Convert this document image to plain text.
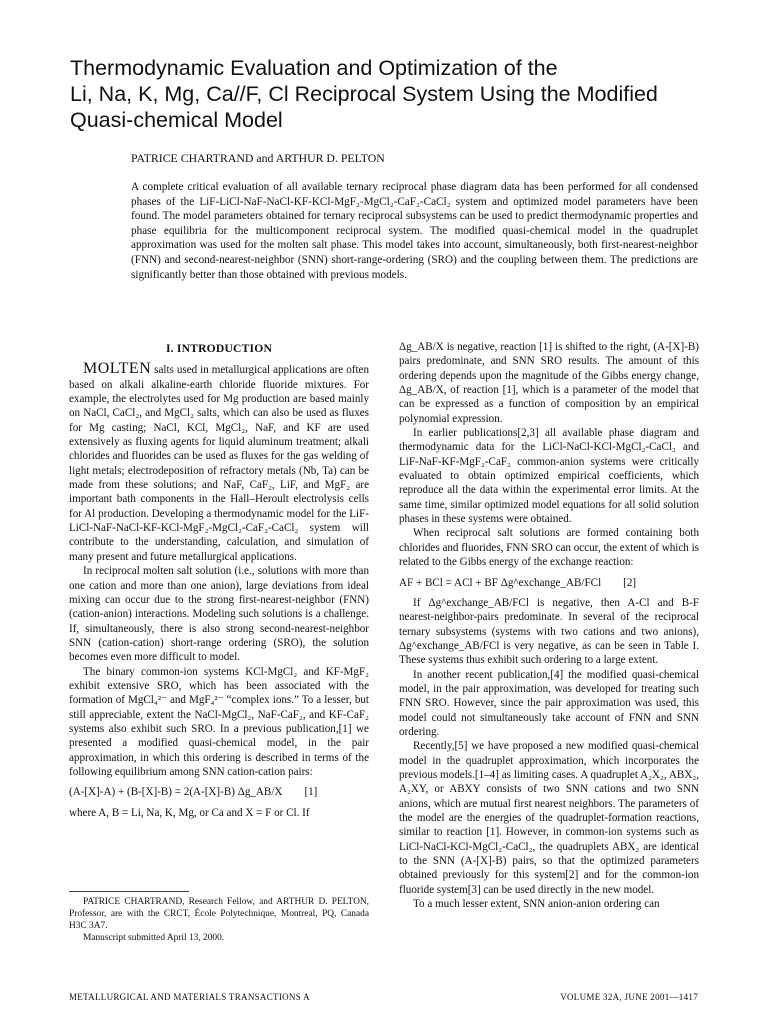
Thermodynamic Evaluation and Optimization of the
Li, Na, K, Mg, Ca//F, Cl Reciprocal System Using the Modified
Quasi-chemical Model
PATRICE CHARTRAND and ARTHUR D. PELTON

A complete critical evaluation of all available ternary reciprocal phase diagram data has been performed for all condensed phases of the LiF-LiCl-NaF-NaCl-KF-KCl-MgF₂-MgCl₂-CaF₂-CaCl₂ system and optimized model parameters have been found. The model parameters obtained for ternary reciprocal subsystems can be used to predict thermodynamic properties and phase equilibria for the multicomponent reciprocal system. The modified quasi-chemical model in the quadruplet approximation was used for the molten salt phase. This model takes into account, simultaneously, both first-nearest-neighbor (FNN) and second-nearest-neighbor (SNN) short-range-ordering (SRO) and the coupling between them. The predictions are significantly better than those obtained with previous models.

I. INTRODUCTION

MOLTEN salts used in metallurgical applications are often based on alkali alkaline-earth chloride fluoride mixtures. For example, the electrolytes used for Mg production are based mainly on NaCl, CaCl₂, and MgCl₂ salts, which can also be used as fluxes for Mg casting; NaCl, KCl, MgCl₂, NaF, and KF are used extensively as fluxing agents for liquid aluminum treatment; alkali chlorides and fluorides can be used as fluxes for the gas welding of light metals; electrodeposition of refractory metals (Nb, Ta) can be made from these solutions; and NaF, CaF₂, LiF, and MgF₂ are important bath components in the Hall–Heroult electrolysis cells for Al production. Developing a thermodynamic model for the LiF-LiCl-NaF-NaCl-KF-KCl-MgF₂-MgCl₂-CaF₂-CaCl₂ system will contribute to the understanding, calculation, and simulation of many present and future metallurgical applications.

In reciprocal molten salt solution (i.e., solutions with more than one cation and more than one anion), large deviations from ideal mixing can occur due to the strong first-nearest-neighbor (FNN) (cation-anion) interactions. Modeling such solutions is a challenge. If, simultaneously, there is also strong second-nearest-neighbor SNN (cation-cation) short-range ordering (SRO), the solution becomes even more difficult to model.

The binary common-ion systems KCl-MgCl₂ and KF-MgF₂ exhibit extensive SRO, which has been associated with the formation of MgCl₄²⁻ and MgF₄²⁻ “complex ions.” To a lesser, but still appreciable, extent the NaCl-MgCl₂, NaF-CaF₂, and KF-CaF₂ systems also exhibit such SRO. In a previous publication,[1] we presented a modified quasi-chemical model, in the pair approximation, in which this ordering is described in terms of the following equilibrium among SNN cation-cation pairs:

(A-[X]-A) + (B-[X]-B) = 2(A-[X]-B) Δg_AB/X [1]

where A, B = Li, Na, K, Mg, or Ca and X = F or Cl. If

PATRICE CHARTRAND, Research Fellow, and ARTHUR D. PELTON, Professor, are with the CRCT, École Polytechnique, Montreal, PQ, Canada H3C 3A7.

Manuscript submitted April 13, 2000.

Δg_AB/X is negative, reaction [1] is shifted to the right, (A-[X]-B) pairs predominate, and SNN SRO results. The amount of this ordering depends upon the magnitude of the Gibbs energy change, Δg_AB/X, of reaction [1], which is a parameter of the model that can be expressed as a function of composition by an empirical polynomial expression.

In earlier publications[2,3] all available phase diagram and thermodynamic data for the LiCl-NaCl-KCl-MgCl₂-CaCl₂ and LiF-NaF-KF-MgF₂-CaF₂ common-anion systems were critically evaluated to obtain optimized empirical coefficients, which reproduce all the data within the experimental error limits. At the same time, similar optimized model equations for all solid solution phases in these systems were obtained.

When reciprocal salt solutions are formed containing both chlorides and fluorides, FNN SRO can occur, the extent of which is related to the Gibbs energy of the exchange reaction:

AF + BCl = ACl + BF Δg^exchange_AB/FCl [2]

If Δg^exchange_AB/FCl is negative, then A-Cl and B-F nearest-neighbor-pairs predominate. In several of the reciprocal ternary subsystems (systems with two cations and two anions), Δg^exchange_AB/FCl is very negative, as can be seen in Table I. These systems thus exhibit such ordering to a large extent.

In another recent publication,[4] the modified quasi-chemical model, in the pair approximation, was developed for treating such FNN SRO. However, since the pair approximation was used, this model could not simultaneously take account of FNN and SNN ordering.

Recently,[5] we have proposed a new modified quasi-chemical model in the quadruplet approximation, which incorporates the previous models.[1–4] as limiting cases. A quadruplet A₂X₂, ABX₂, A₂XY, or ABXY consists of two SNN cations and two SNN anions, which are mutual first nearest neighbors. The parameters of the model are the energies of the quadruplet-formation reactions, similar to reaction [1]. However, in common-ion systems such as LiCl-NaCl-KCl-MgCl₂-CaCl₂, the quadruplets ABX₂ are identical to the SNN (A-[X]-B) pairs, so that the optimized parameters obtained previously for this system[2] and for the common-ion fluoride system[3] can be used directly in the new model.

To a much lesser extent, SNN anion-anion ordering can

METALLURGICAL AND MATERIALS TRANSACTIONS A	VOLUME 32A, JUNE 2001—1417
